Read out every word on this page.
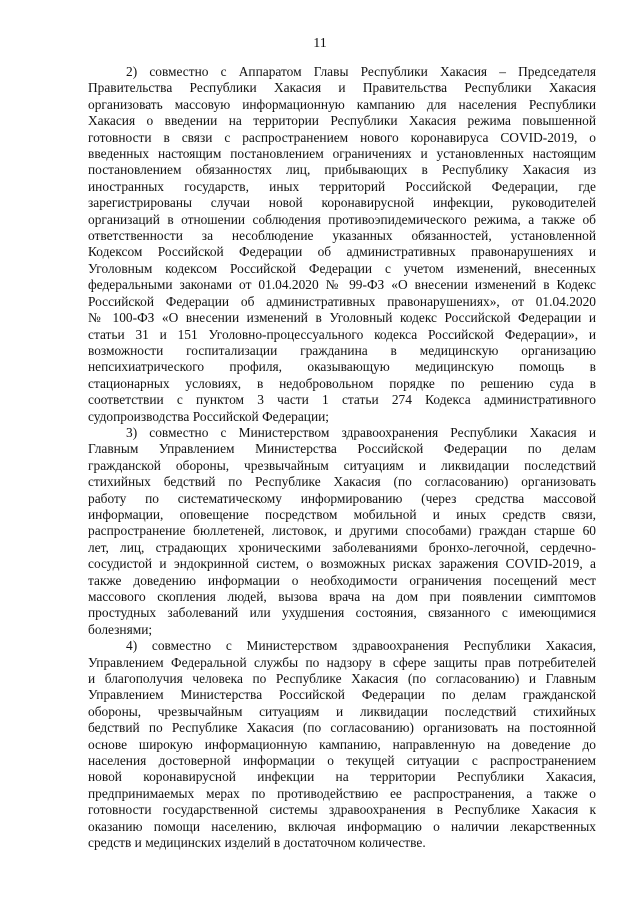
11

2) совместно с Аппаратом Главы Республики Хакасия – Председателя
Правительства Республики Хакасия и Правительства Республики Хакасия
организовать массовую информационную кампанию для населения Республики
Хакасия о введении на территории Республики Хакасия режима повышенной
готовности в связи с распространением нового коронавируса COVID-2019, о
введенных настоящим постановлением ограничениях и установленных настоящим
постановлением обязанностях лиц, прибывающих в Республику Хакасия из
иностранных государств, иных территорий Российской Федерации, где
зарегистрированы случаи новой коронавирусной инфекции, руководителей
организаций в отношении соблюдения противоэпидемического режима, а также об
ответственности за несоблюдение указанных обязанностей, установленной
Кодексом Российской Федерации об административных правонарушениях и
Уголовным кодексом Российской Федерации с учетом изменений, внесенных
федеральными законами от 01.04.2020 № 99-ФЗ «О внесении изменений в Кодекс
Российской Федерации об административных правонарушениях», от 01.04.2020
№ 100-ФЗ «О внесении изменений в Уголовный кодекс Российской Федерации и
статьи 31 и 151 Уголовно-процессуального кодекса Российской Федерации», и
возможности госпитализации гражданина в медицинскую организацию
непсихиатрического профиля, оказывающую медицинскую помощь в
стационарных условиях, в недобровольном порядке по решению суда в
соответствии с пунктом 3 части 1 статьи 274 Кодекса административного
судопроизводства Российской Федерации;

3) совместно с Министерством здравоохранения Республики Хакасия и
Главным Управлением Министерства Российской Федерации по делам
гражданской обороны, чрезвычайным ситуациям и ликвидации последствий
стихийных бедствий по Республике Хакасия (по согласованию) организовать
работу по систематическому информированию (через средства массовой
информации, оповещение посредством мобильной и иных средств связи,
распространение бюллетеней, листовок, и другими способами) граждан старше 60
лет, лиц, страдающих хроническими заболеваниями бронхо-легочной, сердечно-
сосудистой и эндокринной систем, о возможных рисках заражения COVID-2019, а
также доведению информации о необходимости ограничения посещений мест
массового скопления людей, вызова врача на дом при появлении симптомов
простудных заболеваний или ухудшения состояния, связанного с имеющимися
болезнями;

4) совместно с Министерством здравоохранения Республики Хакасия,
Управлением Федеральной службы по надзору в сфере защиты прав потребителей
и благополучия человека по Республике Хакасия (по согласованию) и Главным
Управлением Министерства Российской Федерации по делам гражданской
обороны, чрезвычайным ситуациям и ликвидации последствий стихийных
бедствий по Республике Хакасия (по согласованию) организовать на постоянной
основе широкую информационную кампанию, направленную на доведение до
населения достоверной информации о текущей ситуации с распространением
новой коронавирусной инфекции на территории Республики Хакасия,
предпринимаемых мерах по противодействию ее распространения, а также о
готовности государственной системы здравоохранения в Республике Хакасия к
оказанию помощи населению, включая информацию о наличии лекарственных
средств и медицинских изделий в достаточном количестве.
